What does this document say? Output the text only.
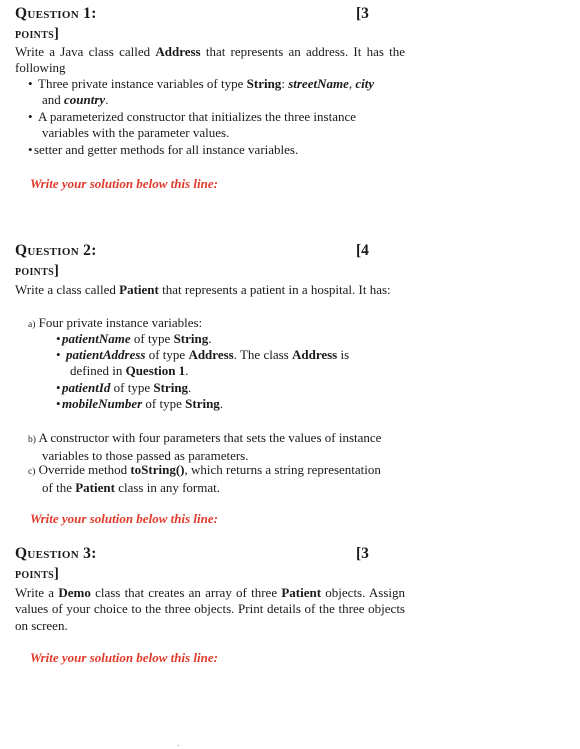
Question 1:	[3
points]
Write a Java class called Address that represents an address. It has the following
• Three private instance variables of type String: streetName, city
and country.
• A parameterized constructor that initializes the three instance
variables with the parameter values.
•setter and getter methods for all instance variables.
Write your solution below this line:
Question 2:	[4
points]
Write a class called Patient that represents a patient in a hospital. It has:
a) Four private instance variables:
•patientName of type String.
• patientAddress of type Address. The class Address is
defined in Question 1.
•patientId of type String.
•mobileNumber of type String.
b) A constructor with four parameters that sets the values of instance
variables to those passed as parameters.
c) Override method toString(), which returns a string representation
of the Patient class in any format.
Write your solution below this line:
Question 3:	[3
points]
Write a Demo class that creates an array of three Patient objects. Assign values of your choice to the three objects. Print details of the three objects on screen.
Write your solution below this line:
